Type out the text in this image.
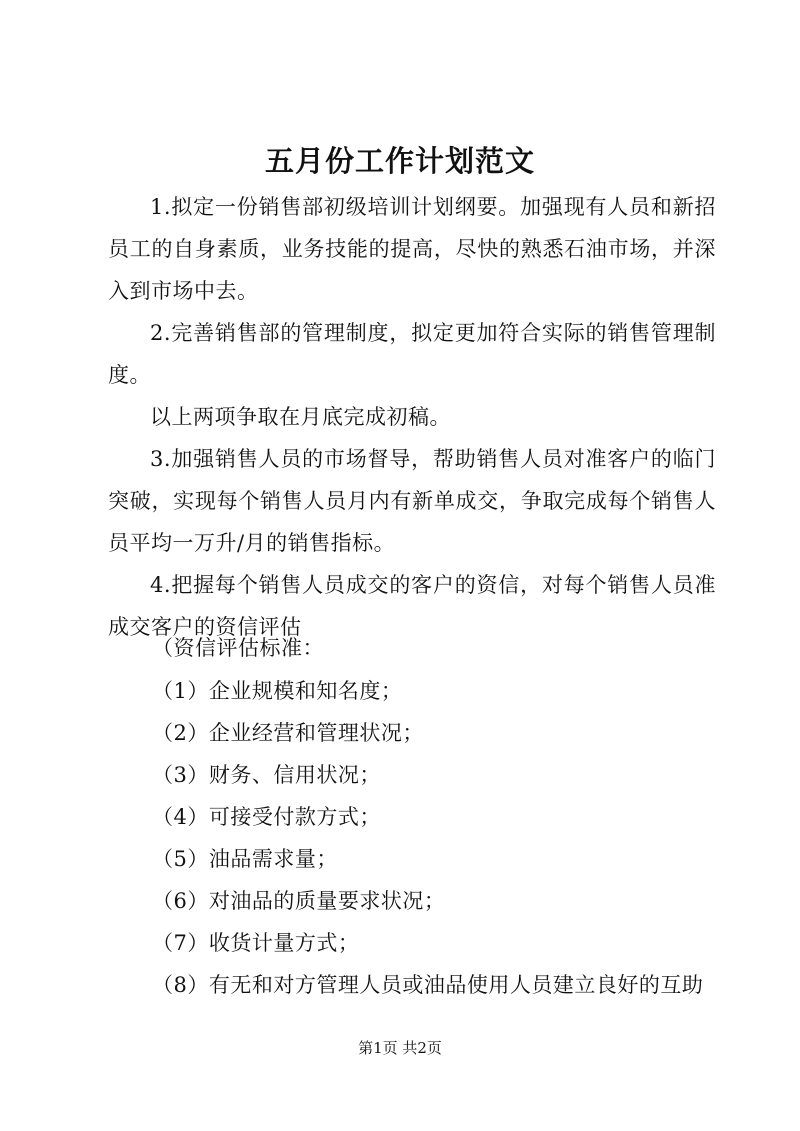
五月份工作计划范文

1.拟定一份销售部初级培训计划纲要。加强现有人员和新招员工的自身素质，业务技能的提高，尽快的熟悉石油市场，并深入到市场中去。

2.完善销售部的管理制度，拟定更加符合实际的销售管理制度。

以上两项争取在月底完成初稿。

3.加强销售人员的市场督导，帮助销售人员对准客户的临门突破，实现每个销售人员月内有新单成交，争取完成每个销售人员平均一万升/月的销售指标。

4.把握每个销售人员成交的客户的资信，对每个销售人员准成交客户的资信评估

（资信评估标准：

（1）企业规模和知名度；

（2）企业经营和管理状况；

（3）财务、信用状况；

（4）可接受付款方式；

（5）油品需求量；

（6）对油品的质量要求状况；

（7）收货计量方式；

（8）有无和对方管理人员或油品使用人员建立良好的互助

第1页 共2页
